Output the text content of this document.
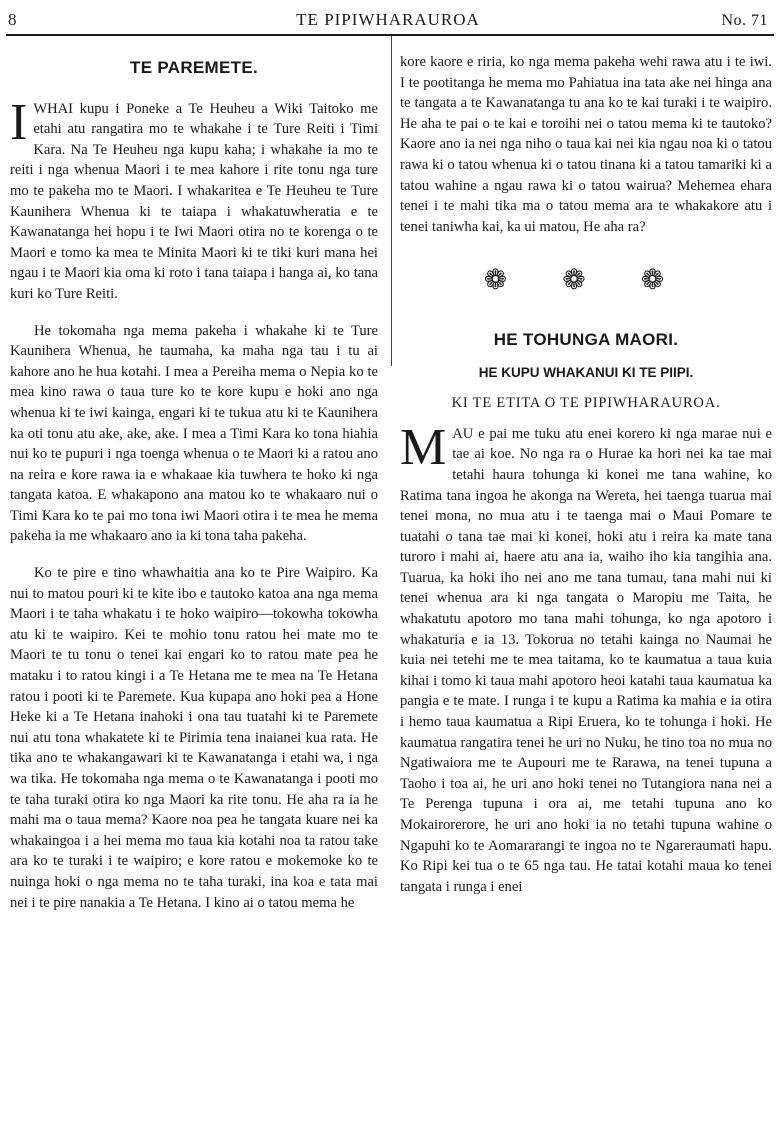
8	TE PIPIWHARAUROA	No. 71
TE PAREMETE.

IWHAI kupu i Poneke a Te Heuheu a Wiki Taitoko me etahi atu rangatira mo te whakahe i te Ture Reiti i Timi Kara. Na Te Heuheu nga kupu kaha; i whakahe ia mo te reiti i nga whenua Maori i te mea kahore i rite tonu nga ture mo te pakeha mo te Maori. I whakaritea e Te Heuheu te Ture Kaunihera Whenua ki te taiapa i whakatuwheratia e te Kawanatanga hei hopu i te Iwi Maori otira no te korenga o te Maori e tomo ka mea te Minita Maori ki te tiki kuri mana hei ngau i te Maori kia oma ki roto i tana taiapa i hanga ai, ko tana kuri ko Ture Reiti.

He tokomaha nga mema pakeha i whakahe ki te Ture Kaunihera Whenua, he taumaha, ka maha nga tau i tu ai kahore ano he hua kotahi. I mea a Pereiha mema o Nepia ko te mea kino rawa o taua ture ko te kore kupu e hoki ano nga whenua ki te iwi kainga, engari ki te tukua atu ki te Kaunihera ka oti tonu atu ake, ake, ake. I mea a Timi Kara ko tona hiahia nui ko te pupuri i nga toenga whenua o te Maori ki a ratou ano na reira e kore rawa ia e whakaae kia tuwhera te hoko ki nga tangata katoa. E whakapono ana matou ko te whakaaro nui o Timi Kara ko te pai mo tona iwi Maori otira i te mea he mema pakeha ia me whakaaro ano ia ki tona taha pakeha.

Ko te pire e tino whawhaitia ana ko te Pire Waipiro. Ka nui to matou pouri ki te kite ibo e tautoko katoa ana nga mema Maori i te taha whakatu i te hoko waipiro—tokowha tokowha atu ki te waipiro. Kei te mohio tonu ratou hei mate mo te Maori te tu tonu o tenei kai engari ko to ratou mate pea he mataku i to ratou kingi i a Te Hetana me te mea na Te Hetana ratou i pooti ki te Paremete. Kua kupapa ano hoki pea a Hone Heke ki a Te Hetana inahoki i ona tau tuatahi ki te Paremete nui atu tona whakatete ki te Pirimia tena inaianei kua rata. He tika ano te whakangawari ki te Kawanatanga i etahi wa, i nga wa tika. He tokomaha nga mema o te Kawanatanga i pooti mo te taha turaki otira ko nga Maori ka rite tonu. He aha ra ia he mahi ma o taua mema? Kaore noa pea he tangata kuare nei ka whakaingoa i a hei mema mo taua kia kotahi noa ta ratou take ara ko te turaki i te waipiro; e kore ratou e mokemoke ko te nuinga hoki o nga mema no te taha turaki, ina koa e tata mai nei i te pire nanakia a Te Hetana. I kino ai o tatou mema he

kore kaore e riria, ko nga mema pakeha wehi rawa atu i te iwi. I te pootitanga he mema mo Pahiatua ina tata ake nei hinga ana te tangata a te Kawanatanga tu ana ko te kai turaki i te waipiro. He aha te pai o te kai e toroihi nei o tatou mema ki te tautoko? Kaore ano ia nei nga niho o taua kai nei kia ngau noa ki o tatou rawa ki o tatou whenua ki o tatou tinana ki a tatou tamariki ki a tatou wahine a ngau rawa ki o tatou wairua? Mehemea ehara tenei i te mahi tika ma o tatou mema ara te whakakore atu i tenei taniwha kai, ka ui matou, He aha ra?

❁ ❁ ❁
HE TOHUNGA MAORI.
HE KUPU WHAKANUI KI TE PIIPI.
KI TE ETITA O TE PIPIWHARAUROA.

MAU e pai me tuku atu enei korero ki nga marae nui e tae ai koe. No nga ra o Hurae ka hori nei ka tae mai tetahi haura tohunga ki konei me tana wahine, ko Ratima tana ingoa he akonga na Wereta, hei taenga tuarua mai tenei mona, no mua atu i te taenga mai o Maui Pomare te tuatahi o tana tae mai ki konei, hoki atu i reira ka mate tana turoro i mahi ai, haere atu ana ia, waiho iho kia tangihia ana. Tuarua, ka hoki iho nei ano me tana tumau, tana mahi nui ki tenei whenua ara ki nga tangata o Maropiu me Taita, he whakatutu apotoro mo tana mahi tohunga, ko nga apotoro i whakaturia e ia 13. Tokorua no tetahi kainga no Naumai he kuia nei tetehi me te mea taitama, ko te kaumatua a taua kuia kihai i tomo ki taua mahi apotoro heoi katahi taua kaumatua ka pangia e te mate. I runga i te kupu a Ratima ka mahia e ia otira i hemo taua kaumatua a Ripi Eruera, ko te tohunga i hoki. He kaumatua rangatira tenei he uri no Nuku, he tino toa no mua no Ngatiwaiora me te Aupouri me te Rarawa, na tenei tupuna a Taoho i toa ai, he uri ano hoki tenei no Tutangiora nana nei a Te Perenga tupuna i ora ai, me tetahi tupuna ano ko Mokairorerore, he uri ano hoki ia no tetahi tupuna wahine o Ngapuhi ko te Aomararangi te ingoa no te Ngareraumati hapu. Ko Ripi kei tua o te 65 nga tau. He tatai kotahi maua ko tenei tangata i runga i enei
